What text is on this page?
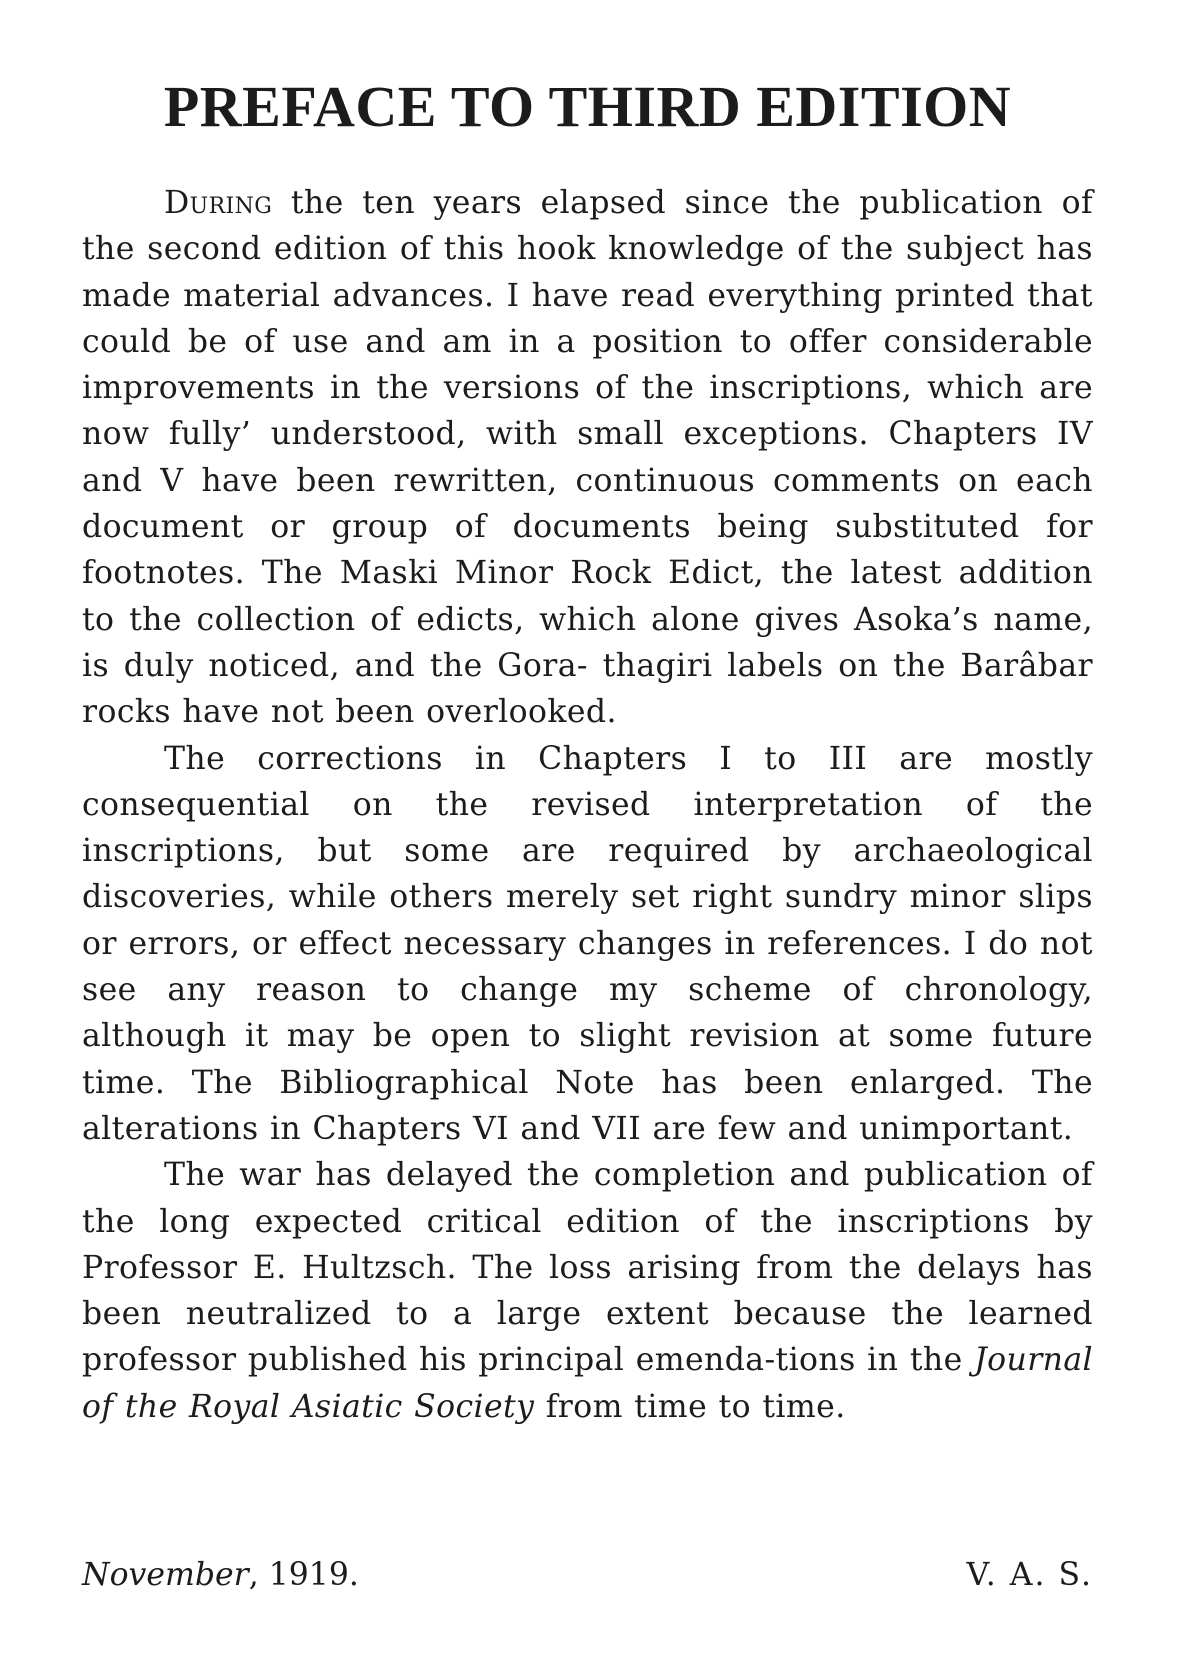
PREFACE TO THIRD EDITION

During the ten years elapsed since the publication of the second edition of this hook knowledge of the subject has made material advances. I have read everything printed that could be of use and am in a position to offer considerable improvements in the versions of the inscriptions, which are now fully’ understood, with small exceptions. Chapters IV and V have been rewritten, continuous comments on each document or group of documents being substituted for footnotes. The Maski Minor Rock Edict, the latest addition to the collection of edicts, which alone gives Asoka’s name, is duly noticed, and the Gora- thagiri labels on the Barâbar rocks have not been overlooked.

The corrections in Chapters I to III are mostly consequential on the revised interpretation of the inscriptions, but some are required by archaeological discoveries, while others merely set right sundry minor slips or errors, or effect necessary changes in references. I do not see any reason to change my scheme of chronology, although it may be open to slight revision at some future time. The Bibliographical Note has been enlarged. The alterations in Chapters VI and VII are few and unimportant.

The war has delayed the completion and publication of the long expected critical edition of the inscriptions by Professor E. Hultzsch. The loss arising from the delays has been neutralized to a large extent because the learned professor published his principal emenda-tions in the Journal of the Royal Asiatic Society from time to time.

November, 1919.	V. A. S.
